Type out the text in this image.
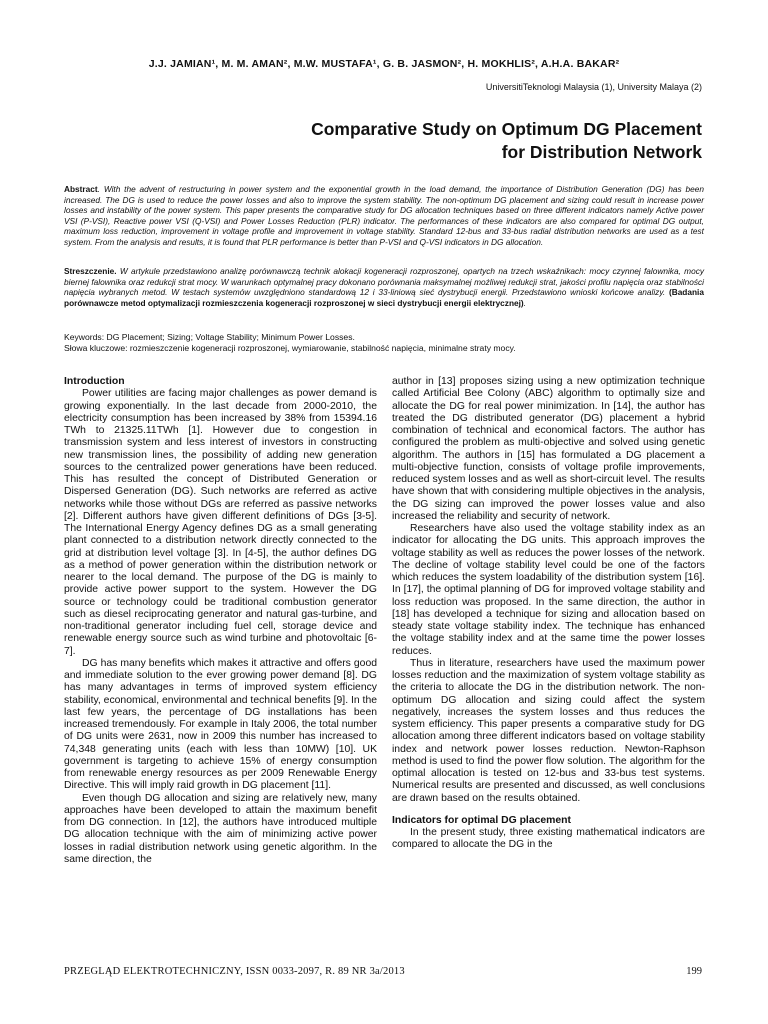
J.J. JAMIAN¹, M. M. AMAN², M.W. MUSTAFA¹, G. B. JASMON², H. MOKHLIS², A.H.A. BAKAR²
UniversitiTeknologi Malaysia (1), University Malaya (2)
Comparative Study on Optimum DG Placement
for Distribution Network
Abstract. With the advent of restructuring in power system and the exponential growth in the load demand, the importance of Distribution Generation (DG) has been increased. The DG is used to reduce the power losses and also to improve the system stability. The non-optimum DG placement and sizing could result in increase power losses and instability of the power system. This paper presents the comparative study for DG allocation techniques based on three different indicators namely Active power VSI (P-VSI), Reactive power VSI (Q-VSI) and Power Losses Reduction (PLR) indicator. The performances of these indicators are also compared for optimal DG output, maximum loss reduction, improvement in voltage profile and improvement in voltage stability. Standard 12-bus and 33-bus radial distribution networks are used as a test system. From the analysis and results, it is found that PLR performance is better than P-VSI and Q-VSI indicators in DG allocation.
Streszczenie. W artykule przedstawiono analizę porównawczą technik alokacji kogeneracji rozproszonej, opartych na trzech wskaźnikach: mocy czynnej falownika, mocy biernej falownika oraz redukcji strat mocy. W warunkach optymalnej pracy dokonano porównania maksymalnej możliwej redukcji strat, jakości profilu napięcia oraz stabilności napięcia wybranych metod. W testach systemów uwzględniono standardową 12 i 33-liniową sieć dystrybucji energii. Przedstawiono wnioski końcowe analizy. (Badania porównawcze metod optymalizacji rozmieszczenia kogeneracji rozproszonej w sieci dystrybucji energii elektrycznej).
Keywords: DG Placement; Sizing; Voltage Stability; Minimum Power Losses.
Słowa kluczowe: rozmieszczenie kogeneracji rozproszonej, wymiarowanie, stabilność napięcia, minimalne straty mocy.
Introduction

Power utilities are facing major challenges as power demand is growing exponentially. In the last decade from 2000-2010, the electricity consumption has been increased by 38% from 15394.16 TWh to 21325.11TWh [1]. However due to congestion in transmission system and less interest of investors in constructing new transmission lines, the possibility of adding new generation sources to the centralized power generations have been reduced. This has resulted the concept of Distributed Generation or Dispersed Generation (DG). Such networks are referred as active networks while those without DGs are referred as passive networks [2]. Different authors have given different definitions of DGs [3-5]. The International Energy Agency defines DG as a small generating plant connected to a distribution network directly connected to the grid at distribution level voltage [3]. In [4-5], the author defines DG as a method of power generation within the distribution network or nearer to the local demand. The purpose of the DG is mainly to provide active power support to the system. However the DG source or technology could be traditional combustion generator such as diesel reciprocating generator and natural gas-turbine, and non-traditional generator including fuel cell, storage device and renewable energy source such as wind turbine and photovoltaic [6-7].

DG has many benefits which makes it attractive and offers good and immediate solution to the ever growing power demand [8]. DG has many advantages in terms of improved system efficiency stability, economical, environmental and technical benefits [9]. In the last few years, the percentage of DG installations has been increased tremendously. For example in Italy 2006, the total number of DG units were 2631, now in 2009 this number has increased to 74,348 generating units (each with less than 10MW) [10]. UK government is targeting to achieve 15% of energy consumption from renewable energy resources as per 2009 Renewable Energy Directive. This will imply raid growth in DG placement [11].

Even though DG allocation and sizing are relatively new, many approaches have been developed to attain the maximum benefit from DG connection. In [12], the authors have introduced multiple DG allocation technique with the aim of minimizing active power losses in radial distribution network using genetic algorithm. In the same direction, the

author in [13] proposes sizing using a new optimization technique called Artificial Bee Colony (ABC) algorithm to optimally size and allocate the DG for real power minimization. In [14], the author has treated the DG distributed generator (DG) placement a hybrid combination of technical and economical factors. The author has configured the problem as multi-objective and solved using genetic algorithm. The authors in [15] has formulated a DG placement a multi-objective function, consists of voltage profile improvements, reduced system losses and as well as short-circuit level. The results have shown that with considering multiple objectives in the analysis, the DG sizing can improved the power losses value and also increased the reliability and security of network.

Researchers have also used the voltage stability index as an indicator for allocating the DG units. This approach improves the voltage stability as well as reduces the power losses of the network. The decline of voltage stability level could be one of the factors which reduces the system loadability of the distribution system [16]. In [17], the optimal planning of DG for improved voltage stability and loss reduction was proposed. In the same direction, the author in [18] has developed a technique for sizing and allocation based on steady state voltage stability index. The technique has enhanced the voltage stability index and at the same time the power losses reduces.

Thus in literature, researchers have used the maximum power losses reduction and the maximization of system voltage stability as the criteria to allocate the DG in the distribution network. The non-optimum DG allocation and sizing could affect the system negatively, increases the system losses and thus reduces the system efficiency. This paper presents a comparative study for DG allocation among three different indicators based on voltage stability index and network power losses reduction. Newton-Raphson method is used to find the power flow solution. The algorithm for the optimal allocation is tested on 12-bus and 33-bus test systems. Numerical results are presented and discussed, as well conclusions are drawn based on the results obtained.

Indicators for optimal DG placement

In the present study, three existing mathematical indicators are compared to allocate the DG in the

PRZEGLĄD ELEKTROTECHNICZNY, ISSN 0033-2097, R. 89 NR 3a/2013	199
